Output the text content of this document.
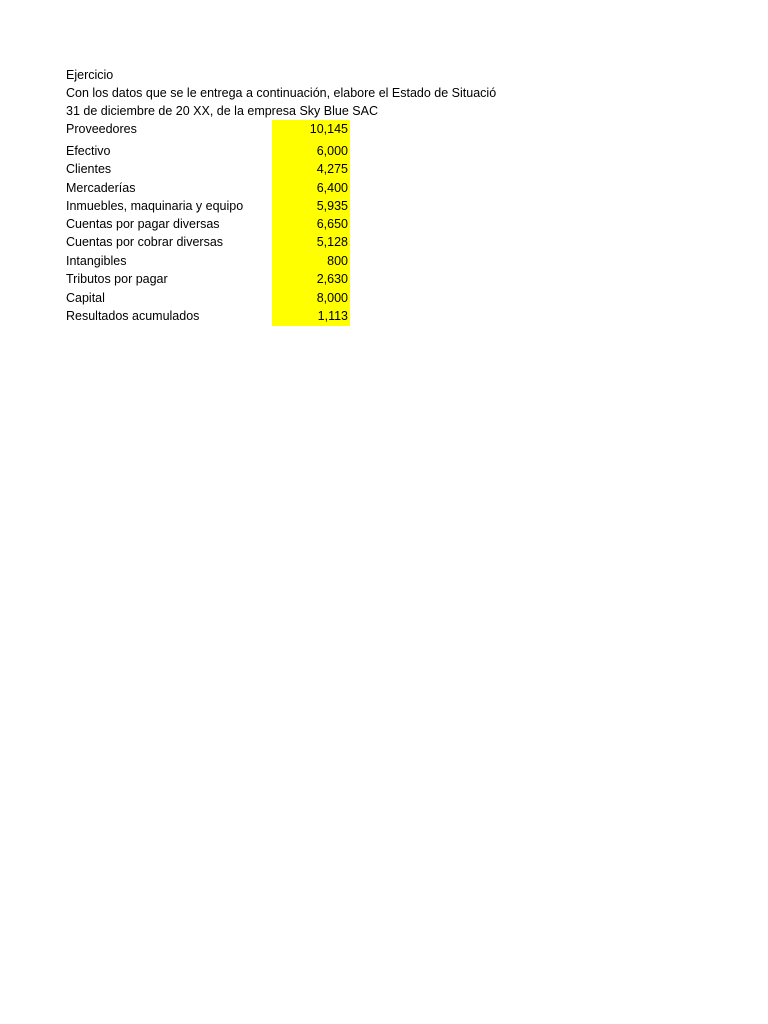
Ejercicio
Con los datos que se le entrega a continuación, elabore el Estado de Situació
31 de diciembre de 20 XX, de la empresa Sky Blue SAC
Proveedores	10,145
Efectivo	6,000
Clientes	4,275
Mercaderías	6,400
Inmuebles, maquinaria y equipo	5,935
Cuentas por pagar diversas	6,650
Cuentas por cobrar diversas	5,128
Intangibles	800
Tributos por pagar	2,630
Capital	8,000
Resultados acumulados	1,113
